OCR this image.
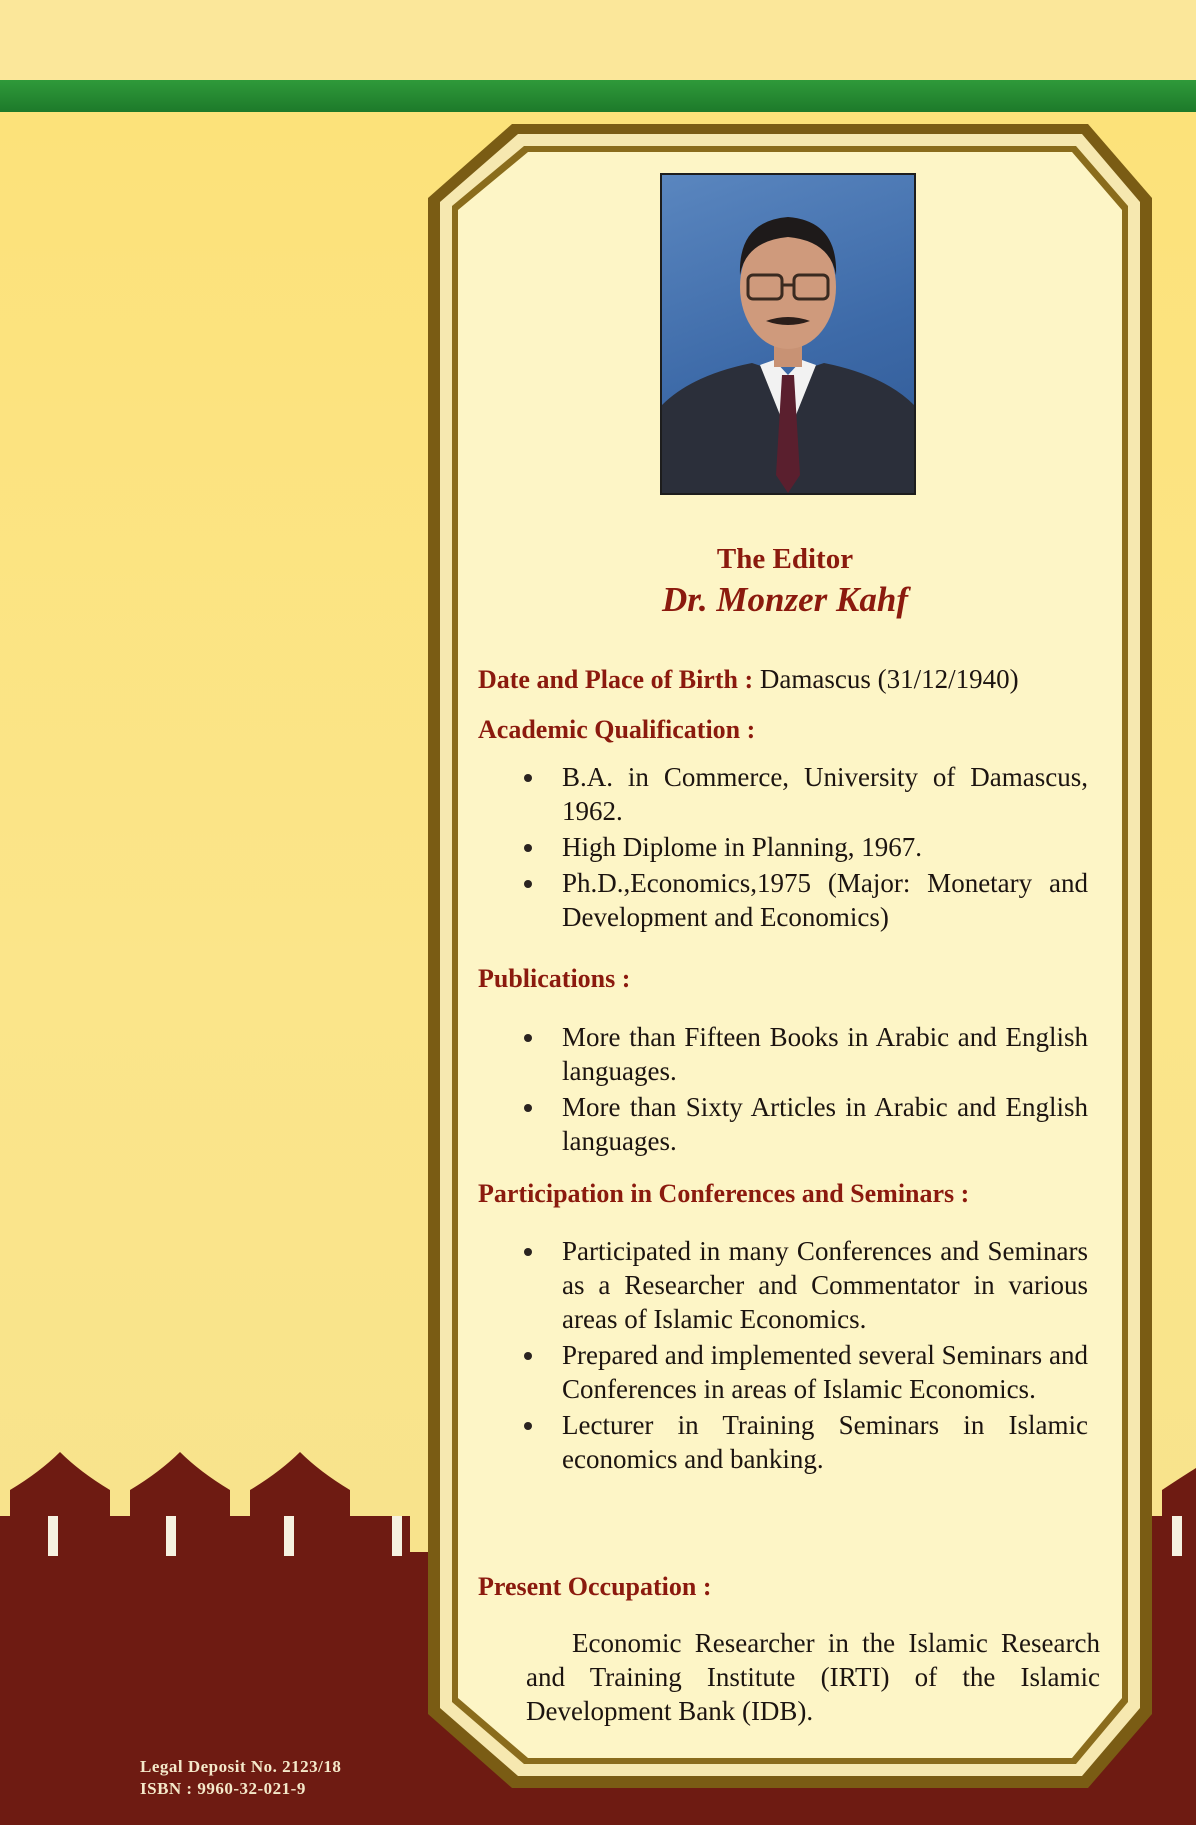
The Editor
Dr. Monzer Kahf
Date and Place of Birth : Damascus (31/12/1940)
Academic Qualification :
B.A. in Commerce, University of Damascus, 1962.
High Diplome in Planning, 1967.
Ph.D.,Economics,1975 (Major: Monetary and Development and Economics)
Publications :
More than Fifteen Books in Arabic and English languages.
More than Sixty Articles in Arabic and English languages.
Participation in Conferences and Seminars :
Participated in many Conferences and Seminars as a Researcher and Commentator in various areas of Islamic Economics.
Prepared and implemented several Seminars and Conferences in areas of Islamic Economics.
Lecturer in Training Seminars in Islamic economics and banking.
Present Occupation :
Economic Researcher in the Islamic Research and Training Institute (IRTI) of the Islamic Development Bank (IDB).
Legal Deposit No. 2123/18
ISBN : 9960-32-021-9
